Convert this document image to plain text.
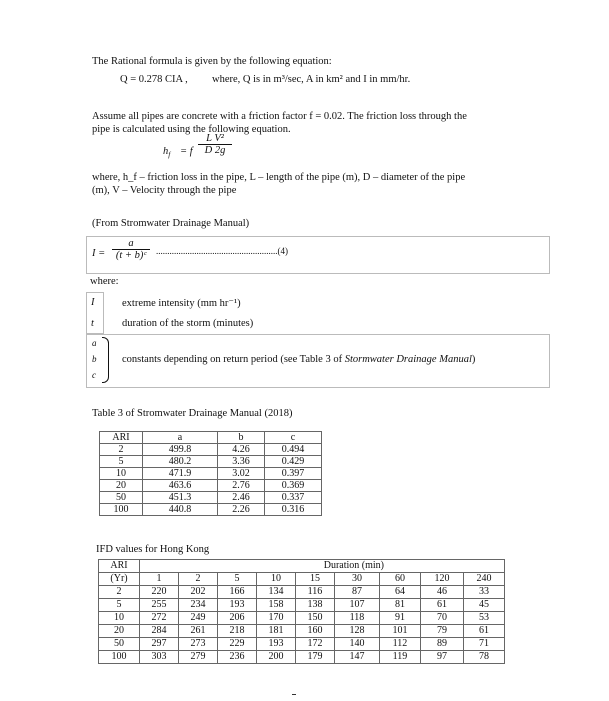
The Rational formula is given by the following equation:
Q = 0.278 CIA , where, Q is in m³/sec, A in km² and I in mm/hr.
Assume all pipes are concrete with a friction factor f = 0.02. The friction loss through the
pipe is calculated using the following equation.
$h_f = f \frac{\text{L V²}}{D 2g}$
where, h_f – friction loss in the pipe, L – length of the pipe (m), D – diameter of the pipe
(m), V – Velocity through the pipe
(From Stromwater Drainage Manual)
$I = \frac{a}{\text{(t + b)ᶜ}} ......................................................(4)$
where:
I	extreme intensity (mm hr⁻¹)
t	duration of the storm (minutes)
a
b
c
constants depending on return period (see Table 3 of Stormwater Drainage Manual)
Table 3 of Stromwater Drainage Manual (2018)
ARI	a	b	c
2	499.8	4.26	0.494
5	480.2	3.36	0.429
10	471.9	3.02	0.397
20	463.6	2.76	0.369
50	451.3	2.46	0.337
100	440.8	2.26	0.316
IFD values for Hong Kong
ARI	Duration (min)								
(Yr)	1	2	5	10	15	30	60	120	240
2	220	202	166	134	116	87	64	46	33
5	255	234	193	158	138	107	81	61	45
10	272	249	206	170	150	118	91	70	53
20	284	261	218	181	160	128	101	79	61
50	297	273	229	193	172	140	112	89	71
100	303	279	236	200	179	147	119	97	78
